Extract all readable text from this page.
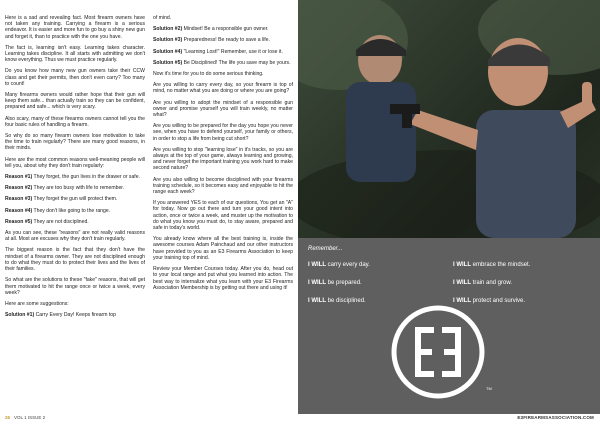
Here is a sad and revealing fact. Most firearm owners have not taken any training. Carrying a firearm is a serious endeavor. It is easier and more fun to go buy a shiny new gun and forget it, than to practice with the one you have.

The fact is, learning isn't easy. Learning takes character. Learning takes discipline. It all starts with admitting we don't know everything. Thus we must practice regularly.

Do you know how many new gun owners take their CCW class and get their permits, then don't even carry? Too many to count!

Many firearms owners would rather hope that their gun will keep them safe... than actually train so they can be confident, prepared and safe... which is very scary.

Also scary, many of these firearms owners cannot tell you the four basic rules of handling a firearm.

So why do so many firearm owners lose motivation to take the time to train regularly? There are many good reasons, in their minds.

Here are the most common reasons well-meaning people will tell you, about why they don't train regularly:

Reason #1) They forget, the gun lives in the drawer or safe.

Reason #2) They are too busy with life to remember.

Reason #3) They forget the gun will protect them.

Reason #4) They don't like going to the range.

Reason #5) They are not disciplined.

As you can see, these "reasons" are not really valid reasons at all. Most are excuses why they don't train regularly.

The biggest reason is the fact that they don't have the mindset of a firearms owner. They are not disciplined enough to do what they must do to protect their lives and the lives of their families.

So what are the solutions to these "fake" reasons, that will get them motivated to hit the range once or twice a week, every week?

Here are some suggestions:

Solution #1) Carry Every Day! Keeps firearm top

of mind.

Solution #2) Mindset! Be a responsible gun owner.

Solution #3) Preparedness! Be ready to save a life.

Solution #4) "Learning Lost!" Remember, use it or lose it.

Solution #5) Be Disciplined! The life you save may be yours.

Now it's time for you to do some serious thinking.

Are you willing to carry every day, so your firearm is top of mind, no matter what you are doing or where you are going?

Are you willing to adopt the mindset of a responsible gun owner and promise yourself you will train weekly, no matter what?

Are you willing to be prepared for the day you hope you never see, when you have to defend yourself, your family or others, in order to stop a life from being cut short?

Are you willing to stop "learning lose" in it's tracks, so you are always at the top of your game, always learning and growing, and never forget the important training you work hard to make second nature?

Are you also willing to become disciplined with your firearms training schedule, so it becomes easy and enjoyable to hit the range each week?

If you answered YES to each of our questions, You get an "A" for today. Now go out there and turn your good intent into action, once or twice a week, and muster up the motivation to do what you know you must do, to stay aware, prepared and safe in today's world.

You already know where all the best training is, inside the awesome courses Adam Painchaud and our other instructors have provided to you as an E3 Firearms Association to keep your training top of mind.

Review your Member Courses today. After you do, head out to your local range and put what you learned into action. The best way to internalize what you learn with your E3 Firearms Association Membership is by getting out there and using it!

Remember...
I WILL carry every day.
I WILL be prepared.
I WILL be disciplined.
I WILL embrace the mindset.
I WILL train and grow.
I WILL protect and survive.
TM
26 VOL 1 ISSUE 2	E3FIREARMSASSOCIATION.COM
